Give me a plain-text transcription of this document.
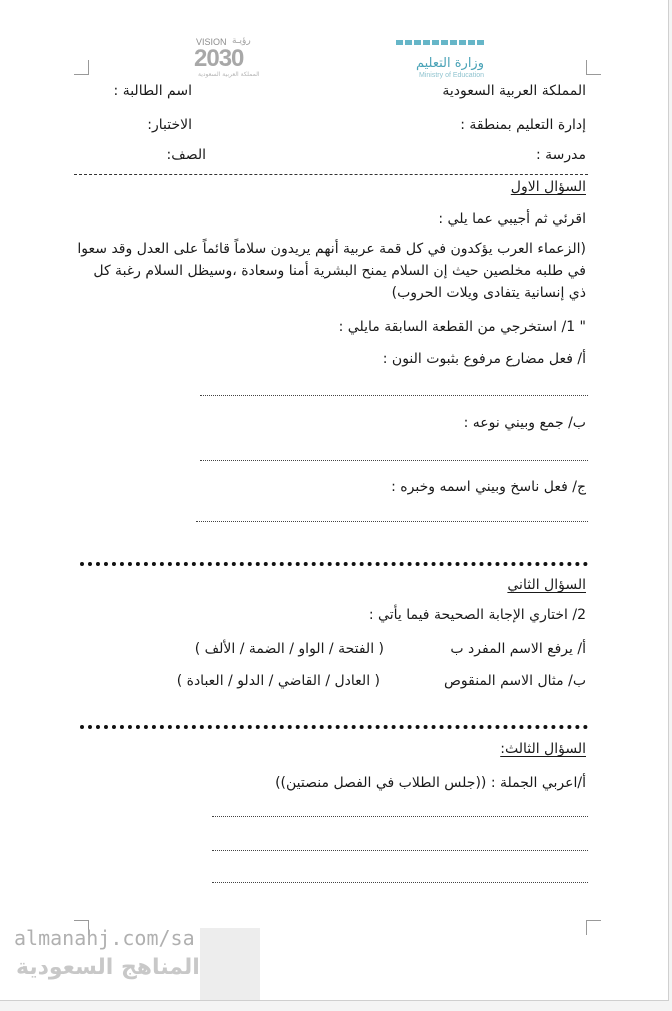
وزارة التعليم
Ministry of Education
VISION رؤيـة
2030
المملكة العربية السعودية
المملكة العربية السعودية
اسم الطالبة :
إدارة التعليم بمنطقة :
الاختبار:
مدرسة :
الصف:
السؤال الاول
اقرئي ثم أجيبي عما يلي :
(الزعماء العرب يؤكدون في كل قمة عربية أنهم يريدون سلاماً قائماً على العدل وقد سعوا في طلبه مخلصين حيث إن السلام يمنح البشرية أمنا وسعادة ،وسيظل السلام رغبة كل ذي إنسانية يتفادى ويلات الحروب)
" 1/ استخرجي من القطعة السابقة مايلي :
أ/ فعل مضارع مرفوع بثبوت النون :
ب/ جمع وبيني نوعه :
ج/ فعل ناسخ وبيني اسمه وخبره :
السؤال الثاني
2/ اختاري الإجابة الصحيحة فيما يأتي :
أ/ يرفع الاسم المفرد ب
( الفتحة / الواو / الضمة / الألف )
ب/ مثال الاسم المنقوص
( العادل / القاضي / الدلو / العبادة )
السؤال الثالث:
أ/اعربي الجملة : ((جلس الطلاب في الفصل منصتين))
almanahj.com/sa
المناهج السعودية
